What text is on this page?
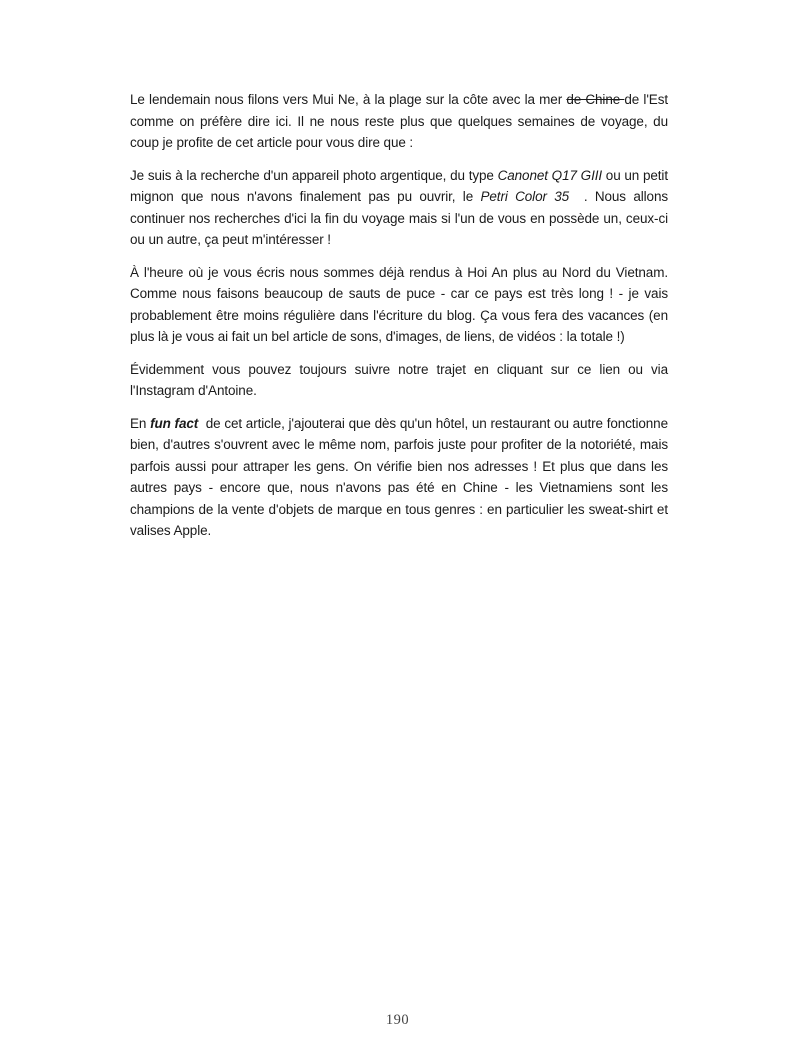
Le lendemain nous filons vers Mui Ne, à la plage sur la côte avec la mer de Chine de l'Est comme on préfère dire ici. Il ne nous reste plus que quelques semaines de voyage, du coup je profite de cet article pour vous dire que :

Je suis à la recherche d'un appareil photo argentique, du type Canonet Q17 GIII ou un petit mignon que nous n'avons finalement pas pu ouvrir, le Petri Color 35  . Nous allons continuer nos recherches d'ici la fin du voyage mais si l'un de vous en possède un, ceux-ci ou un autre, ça peut m'intéresser !

À l'heure où je vous écris nous sommes déjà rendus à Hoi An plus au Nord du Vietnam. Comme nous faisons beaucoup de sauts de puce - car ce pays est très long ! - je vais probablement être moins régulière dans l'écriture du blog. Ça vous fera des vacances (en plus là je vous ai fait un bel article de sons, d'images, de liens, de vidéos : la totale !)

Évidemment vous pouvez toujours suivre notre trajet en cliquant sur ce lien ou via l'Instagram d'Antoine.

En fun fact  de cet article, j'ajouterai que dès qu'un hôtel, un restaurant ou autre fonctionne bien, d'autres s'ouvrent avec le même nom, parfois juste pour profiter de la notoriété, mais parfois aussi pour attraper les gens. On vérifie bien nos adresses ! Et plus que dans les autres pays - encore que, nous n'avons pas été en Chine - les Vietnamiens sont les champions de la vente d'objets de marque en tous genres : en particulier les sweat-shirt et valises Apple.

190
